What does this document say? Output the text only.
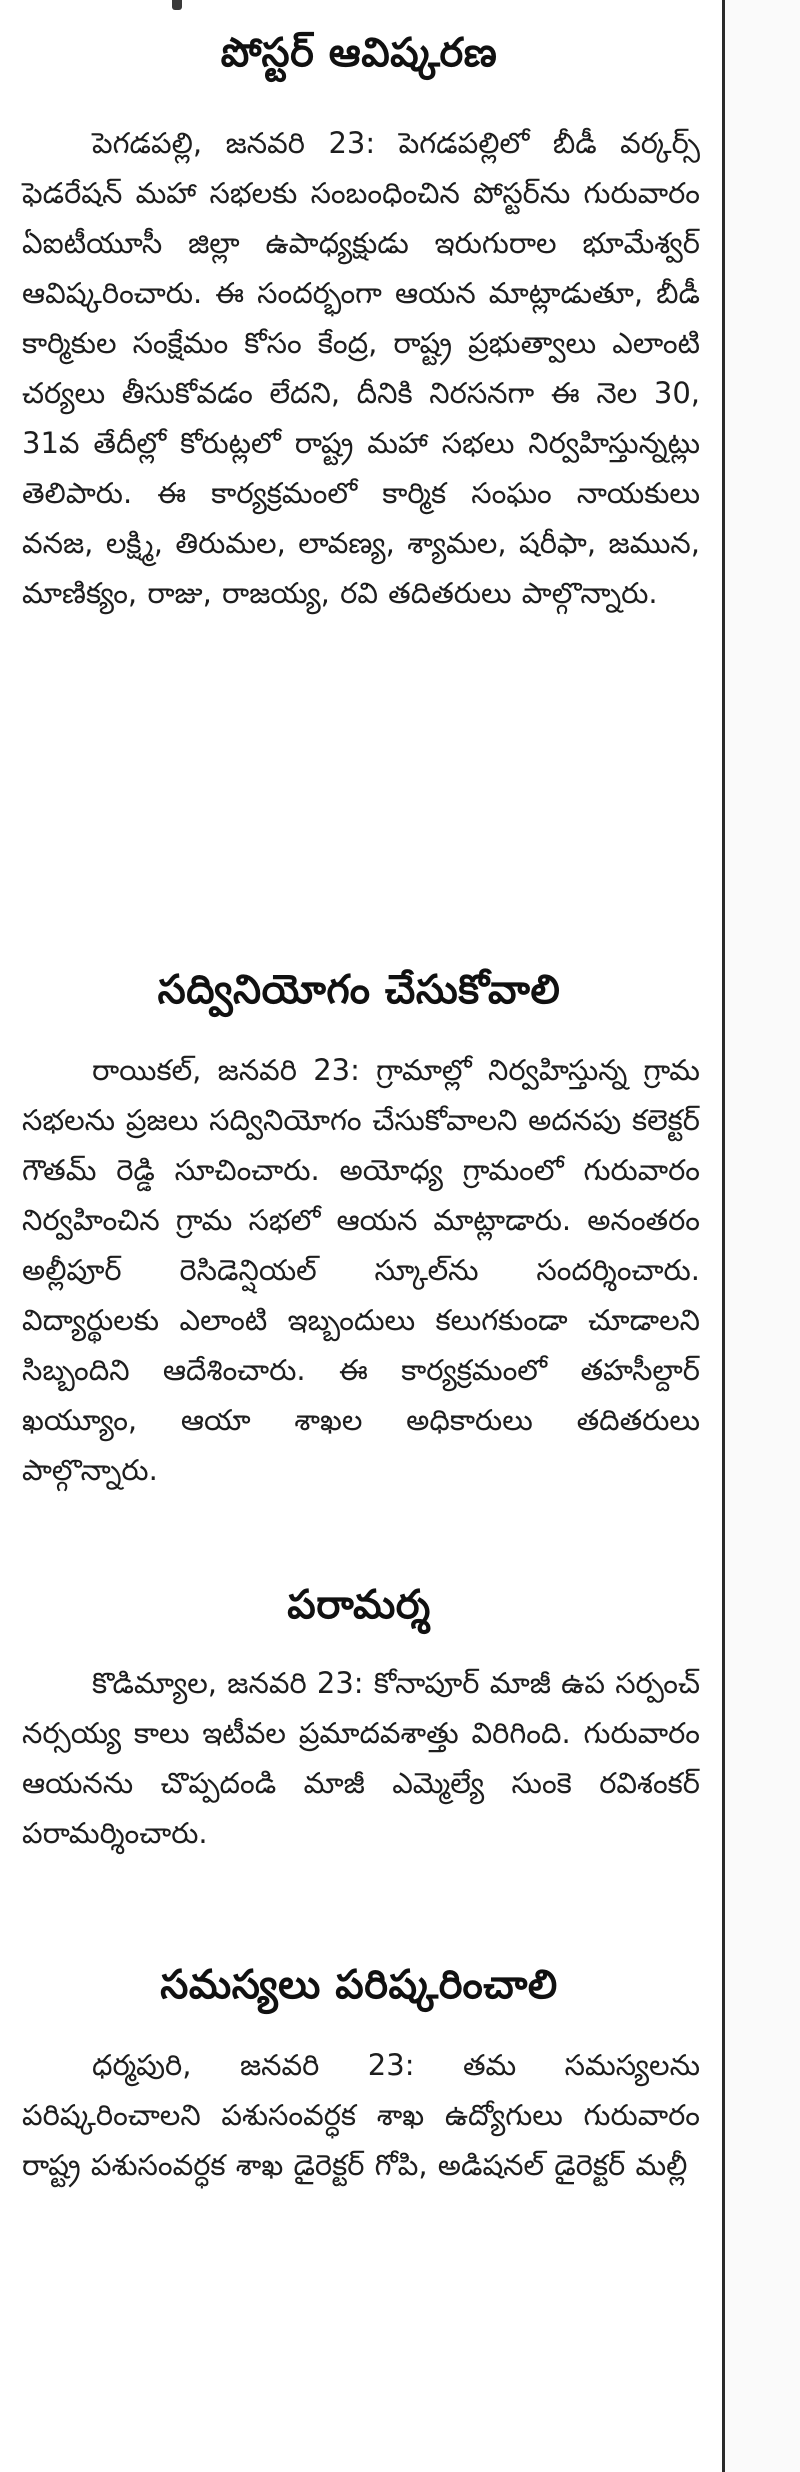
పోస్టర్ ఆవిష్కరణ

పెగడపల్లి, జనవరి 23: పెగడపల్లిలో బీడీ వర్కర్స్ ఫెడరేషన్ మహా సభలకు సంబంధించిన పోస్టర్‌ను గురువారం ఏఐటీయూసీ జిల్లా ఉపాధ్యక్షుడు ఇరుగురాల భూమేశ్వర్ ఆవిష్కరించారు. ఈ సందర్భంగా ఆయన మాట్లాడుతూ, బీడీ కార్మికుల సంక్షేమం కోసం కేంద్ర, రాష్ట్ర ప్రభుత్వాలు ఎలాంటి చర్యలు తీసుకోవడం లేదని, దీనికి నిరసనగా ఈ నెల 30, 31వ తేదీల్లో కోరుట్లలో రాష్ట్ర మహా సభలు నిర్వహిస్తున్నట్లు తెలిపారు. ఈ కార్యక్రమంలో కార్మిక సంఘం నాయకులు వనజ, లక్ష్మి, తిరుమల, లావణ్య, శ్యామల, షరీఫా, జమున, మాణిక్యం, రాజు, రాజయ్య, రవి తదితరులు పాల్గొన్నారు.

సద్వినియోగం చేసుకోవాలి

రాయికల్, జనవరి 23: గ్రామాల్లో నిర్వహిస్తున్న గ్రామ సభలను ప్రజలు సద్వినియోగం చేసుకోవాలని అదనపు కలెక్టర్ గౌతమ్ రెడ్డి సూచించారు. అయోధ్య గ్రామంలో గురువారం నిర్వహించిన గ్రామ సభలో ఆయన మాట్లాడారు. అనంతరం అల్లీపూర్ రెసిడెన్షియల్ స్కూల్‌ను సందర్శించారు. విద్యార్థులకు ఎలాంటి ఇబ్బందులు కలుగకుండా చూడాలని సిబ్బందిని ఆదేశించారు. ఈ కార్యక్రమంలో తహసీల్దార్ ఖయ్యూం, ఆయా శాఖల అధికారులు తదితరులు పాల్గొన్నారు.

పరామర్శ

కొడిమ్యాల, జనవరి 23: కోనాపూర్ మాజీ ఉప సర్పంచ్ నర్సయ్య కాలు ఇటీవల ప్రమాదవశాత్తు విరిగింది. గురువారం ఆయనను చొప్పదండి మాజీ ఎమ్మెల్యే సుంకె రవిశంకర్ పరామర్శించారు.

సమస్యలు పరిష్కరించాలి

ధర్మపురి, జనవరి 23: తమ సమస్యలను పరిష్కరించాలని పశుసంవర్ధక శాఖ ఉద్యోగులు గురువారం రాష్ట్ర పశుసంవర్ధక శాఖ డైరెక్టర్ గోపి, అడిషనల్ డైరెక్టర్ మల్లీ
